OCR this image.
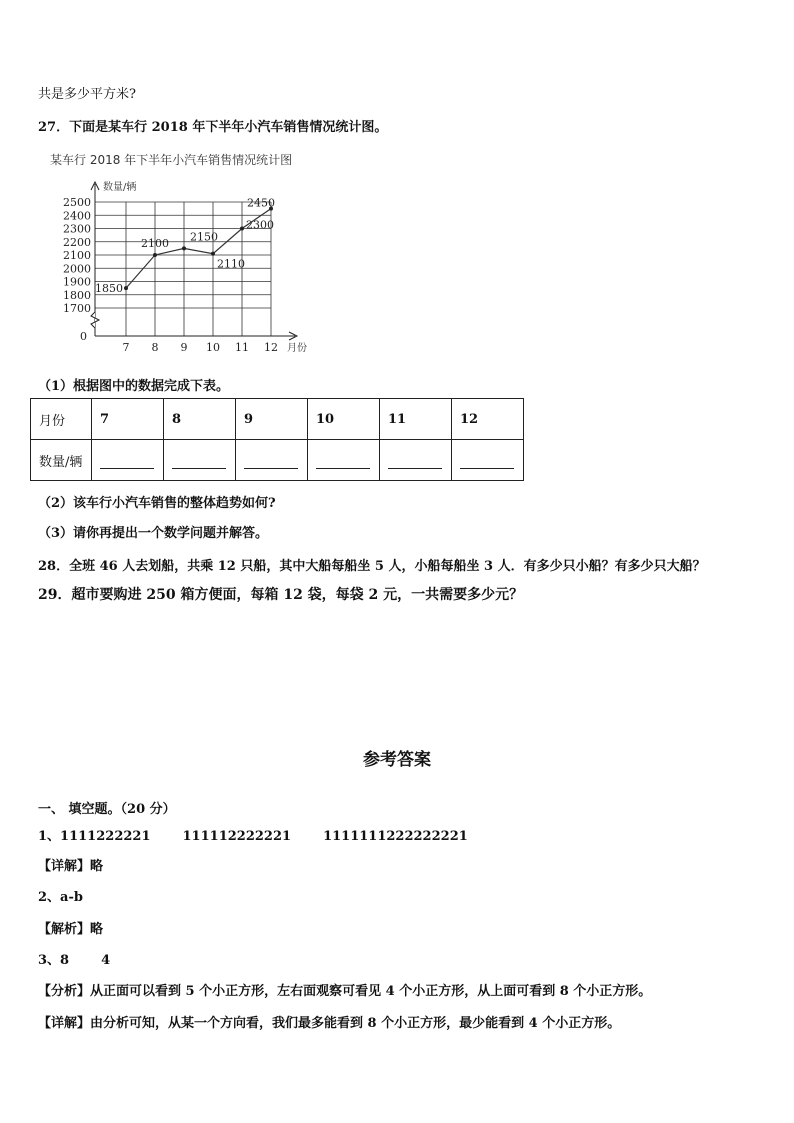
共是多少平方米?
27．下面是某车行 2018 年下半年小汽车销售情况统计图。
某车行 2018 年下半年小汽车销售情况统计图
1700
1800
1900
2000
2100
2200
2300
2400
2500
7 8 9 10 11 12
0
数量/辆
月份
1850
2100
2150
2110
2300
2450
（1）根据图中的数据完成下表。
月份	7	8	9	10	11	12
数量/辆						
（2）该车行小汽车销售的整体趋势如何?
（3）请你再提出一个数学问题并解答。
28．全班 46 人去划船，共乘 12 只船，其中大船每船坐 5 人，小船每船坐 3 人．有多少只小船？有多少只大船？
29．超市要购进 250 箱方便面，每箱 12 袋，每袋 2 元，一共需要多少元？
参考答案
一、 填空题。（20 分）
1、1111222221 111112222221 1111111222222221
【详解】略
2、a-b
【解析】略
3、8 4
【分析】从正面可以看到 5 个小正方形，左右面观察可看见 4 个小正方形，从上面可看到 8 个小正方形。
【详解】由分析可知，从某一个方向看，我们最多能看到 8 个小正方形，最少能看到 4 个小正方形。
